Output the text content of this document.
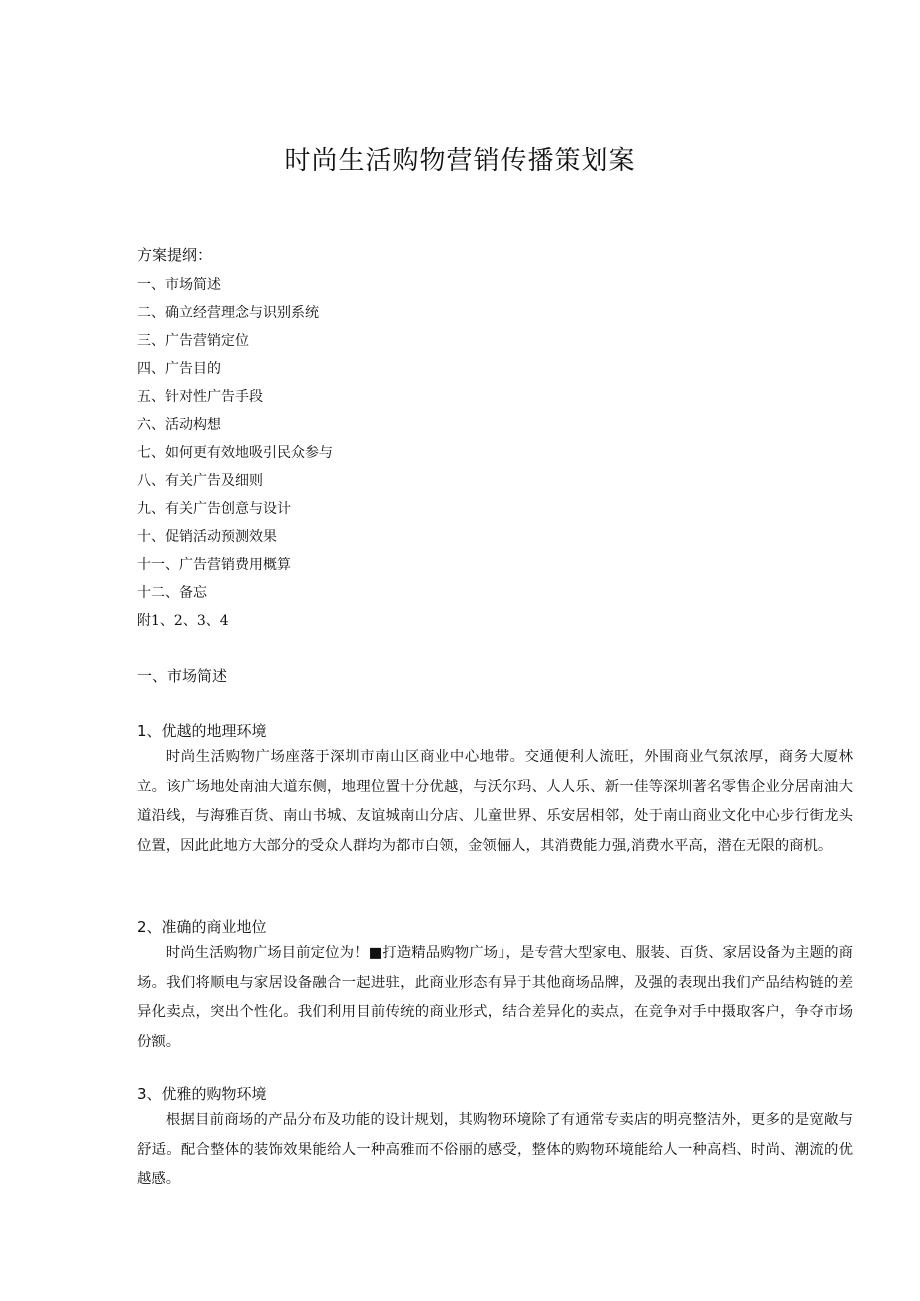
时尚生活购物营销传播策划案
方案提纲：
一、市场简述
二、确立经营理念与识别系统
三、广告营销定位
四、广告目的
五、针对性广告手段
六、活动构想
七、如何更有效地吸引民众参与
八、有关广告及细则
九、有关广告创意与设计
十、促销活动预测效果
十一、广告营销费用概算
十二、备忘
附1、2、3、4
一、市场简述
1、优越的地理环境

时尚生活购物广场座落于深圳市南山区商业中心地带。交通便利人流旺，外围商业气氛浓厚，商务大厦林立。该广场地处南油大道东侧，地理位置十分优越，与沃尔玛、人人乐、新一佳等深圳著名零售企业分居南油大道沿线，与海雅百货、南山书城、友谊城南山分店、儿童世界、乐安居相邻，处于南山商业文化中心步行街龙头位置，因此此地方大部分的受众人群均为都市白领，金领俪人，其消费能力强,消费水平高，潜在无限的商机。

2、准确的商业地位

时尚生活购物广场目前定位为！■打造精品购物广场」，是专营大型家电、服装、百货、家居设备为主题的商场。我们将顺电与家居设备融合一起进驻，此商业形态有异于其他商场品牌，及强的表现出我们产品结构链的差异化卖点，突出个性化。我们利用目前传统的商业形式，结合差异化的卖点，在竞争对手中摄取客户，争夺市场份额。

3、优雅的购物环境

根据目前商场的产品分布及功能的设计规划，其购物环境除了有通常专卖店的明亮整洁外，更多的是宽敞与舒适。配合整体的装饰效果能给人一种高雅而不俗丽的感受，整体的购物环境能给人一种高档、时尚、潮流的优越感。
